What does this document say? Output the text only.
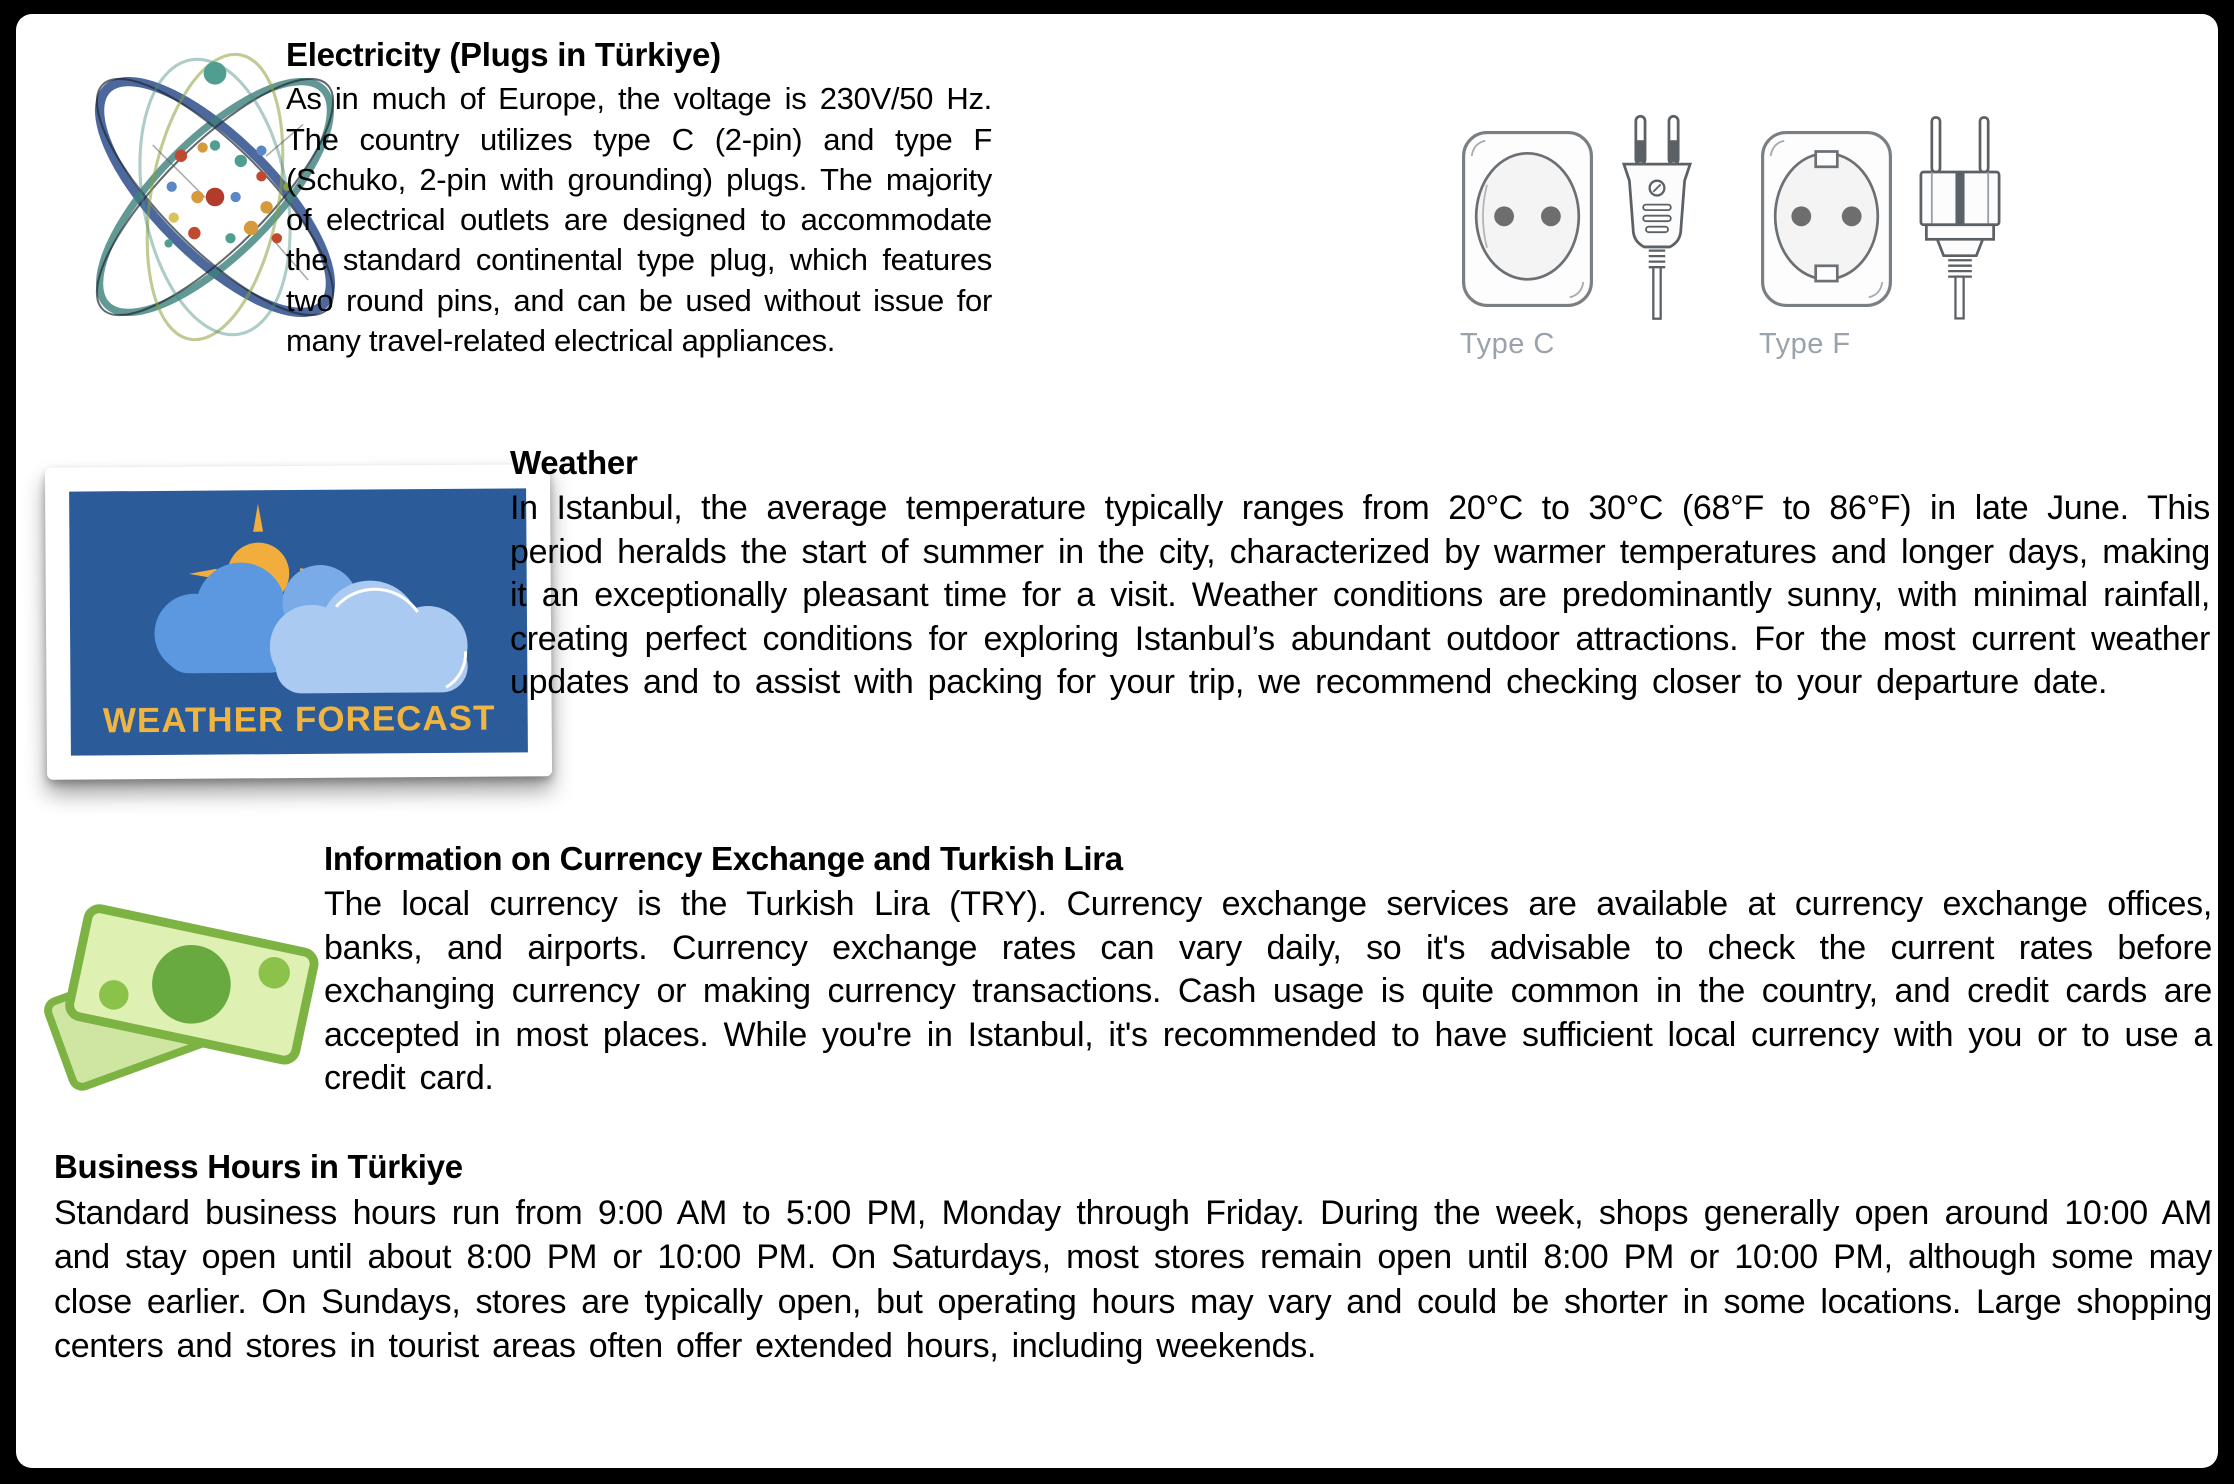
Electricity (Plugs in Türkiye)

As in much of Europe, the voltage is 230V/50 Hz. The country utilizes type C (2-pin) and type F (Schuko, 2-pin with grounding) plugs. The majority of electrical outlets are designed to accommodate the standard continental type plug, which features two round pins, and can be used without issue for many travel-related electrical appliances.	Type C	Type F
WEATHER FORECAST
Weather

In Istanbul, the average temperature typically ranges from 20°C to 30°C (68°F to 86°F) in late June. This period heralds the start of summer in the city, characterized by warmer temperatures and longer days, making it an exceptionally pleasant time for a visit. Weather conditions are predominantly sunny, with minimal rainfall, creating perfect conditions for exploring Istanbul’s abundant outdoor attractions. For the most current weather updates and to assist with packing for your trip, we recommend checking closer to your departure date.

Information on Currency Exchange and Turkish Lira

The local currency is the Turkish Lira (TRY). Currency exchange services are available at currency exchange offices, banks, and airports. Currency exchange rates can vary daily, so it's advisable to check the current rates before exchanging currency or making currency transactions. Cash usage is quite common in the country, and credit cards are accepted in most places. While you're in Istanbul, it's recommended to have sufficient local currency with you or to use a credit card.

Business Hours in Türkiye

Standard business hours run from 9:00 AM to 5:00 PM, Monday through Friday. During the week, shops generally open around 10:00 AM and stay open until about 8:00 PM or 10:00 PM. On Saturdays, most stores remain open until 8:00 PM or 10:00 PM, although some may close earlier. On Sundays, stores are typically open, but operating hours may vary and could be shorter in some locations. Large shopping centers and stores in tourist areas often offer extended hours, including weekends.
